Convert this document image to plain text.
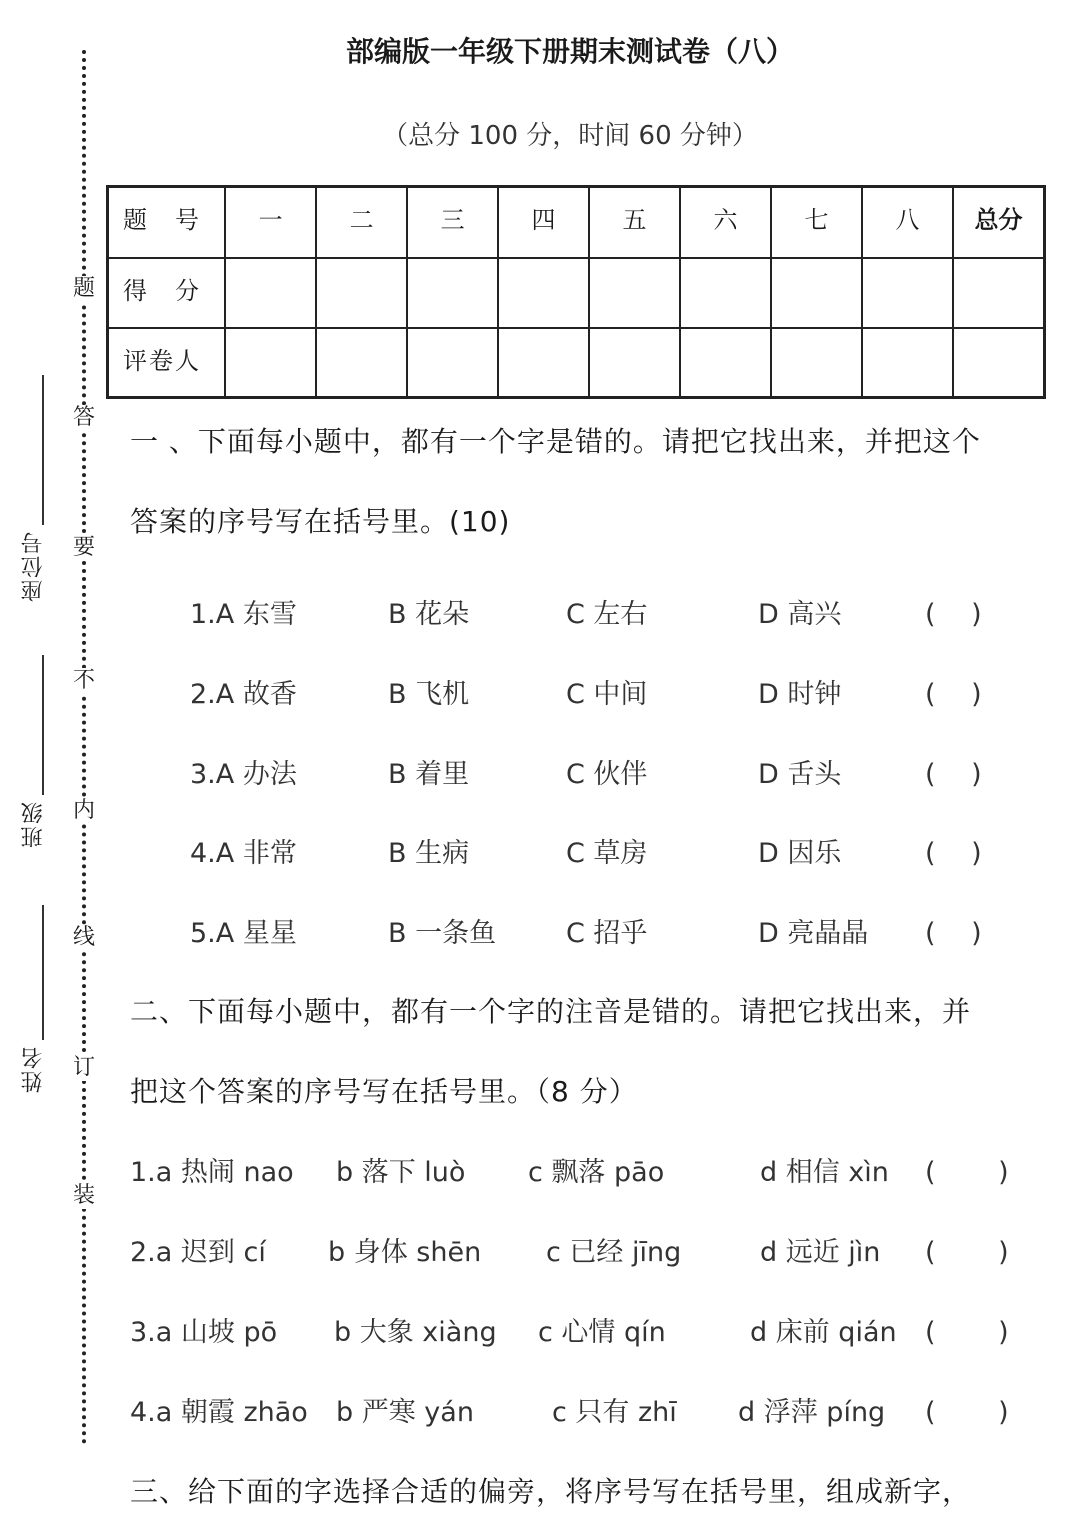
题
答
要
不
内
线
订
装
座位号
班级
姓名
部编版一年级下册期末测试卷（八）
（总分 100 分，时间 60 分钟）
题　号	一	二	三	四	五	六	七	八	总分
得　分									
评卷人									
一 、下面每小题中，都有一个字是错的。请把它找出来，并把这个
答案的序号写在括号里。(10)
1.A 东雪	B 花朵	C 左右	D 高兴	(　 )
2.A 故香	B 飞机	C 中间	D 时钟	(　 )
3.A 办法	B 着里	C 伙伴	D 舌头	(　 )
4.A 非常	B 生病	C 草房	D 因乐	(　 )
5.A 星星	B 一条鱼	C 招乎	D 亮晶晶 (　 )
二、下面每小题中，都有一个字的注音是错的。请把它找出来，并
把这个答案的序号写在括号里。（8 分）
1.a 热闹 nao b 落下 luò c 飘落 pāo	d 相信 xìn (　　 )
2.a 迟到 cí b 身体 shēn c 已经 jīng	d 远近 jìn (　　 )
3.a 山坡 pō b 大象 xiàng c 心情 qín	d 床前 qián (　　 )
4.a 朝霞 zhāo b 严寒 yán	c 只有 zhī d 浮萍 píng (　　 )
三、给下面的字选择合适的偏旁，将序号写在括号里，组成新字，
